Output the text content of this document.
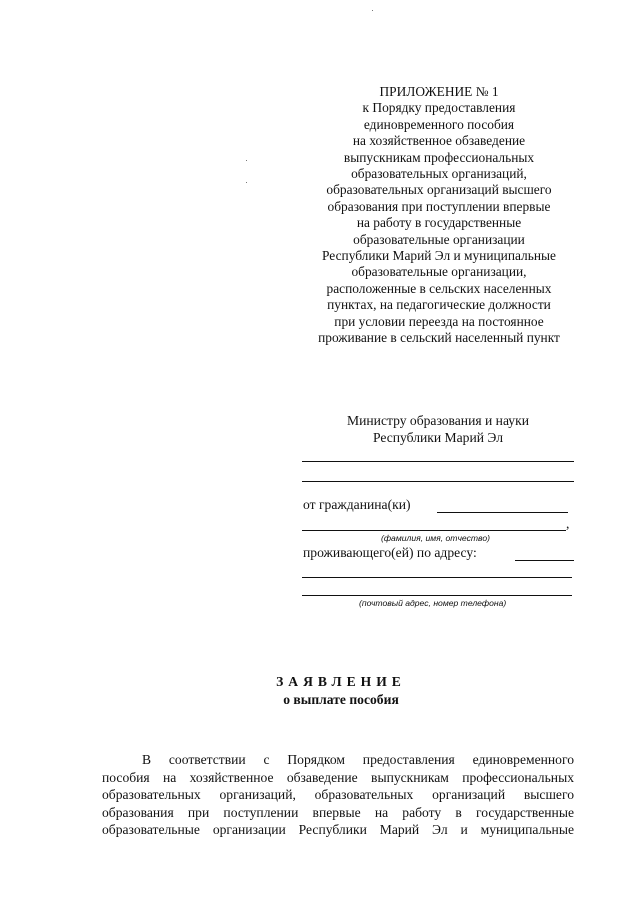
ПРИЛОЖЕНИЕ № 1
к Порядку предоставления
единовременного пособия
на хозяйственное обзаведение
выпускникам профессиональных
образовательных организаций,
образовательных организаций высшего
образования при поступлении впервые
на работу в государственные
образовательные организации
Республики Марий Эл и муниципальные
образовательные организации,
расположенные в сельских населенных
пунктах, на педагогические должности
при условии переезда на постоянное
проживание в сельский населенный пункт
Министру образования и науки
Республики Марий Эл
от гражданина(ки)
,
(фамилия, имя, отчество)
проживающего(ей) по адресу:
(почтовый адрес, номер телефона)
ЗАЯВЛЕНИЕ
о выплате пособия
В соответствии с Порядком предоставления единовременного
пособия на хозяйственное обзаведение выпускникам профессиональных
образовательных организаций, образовательных организаций высшего
образования при поступлении впервые на работу в государственные
образовательные организации Республики Марий Эл и муниципальные
